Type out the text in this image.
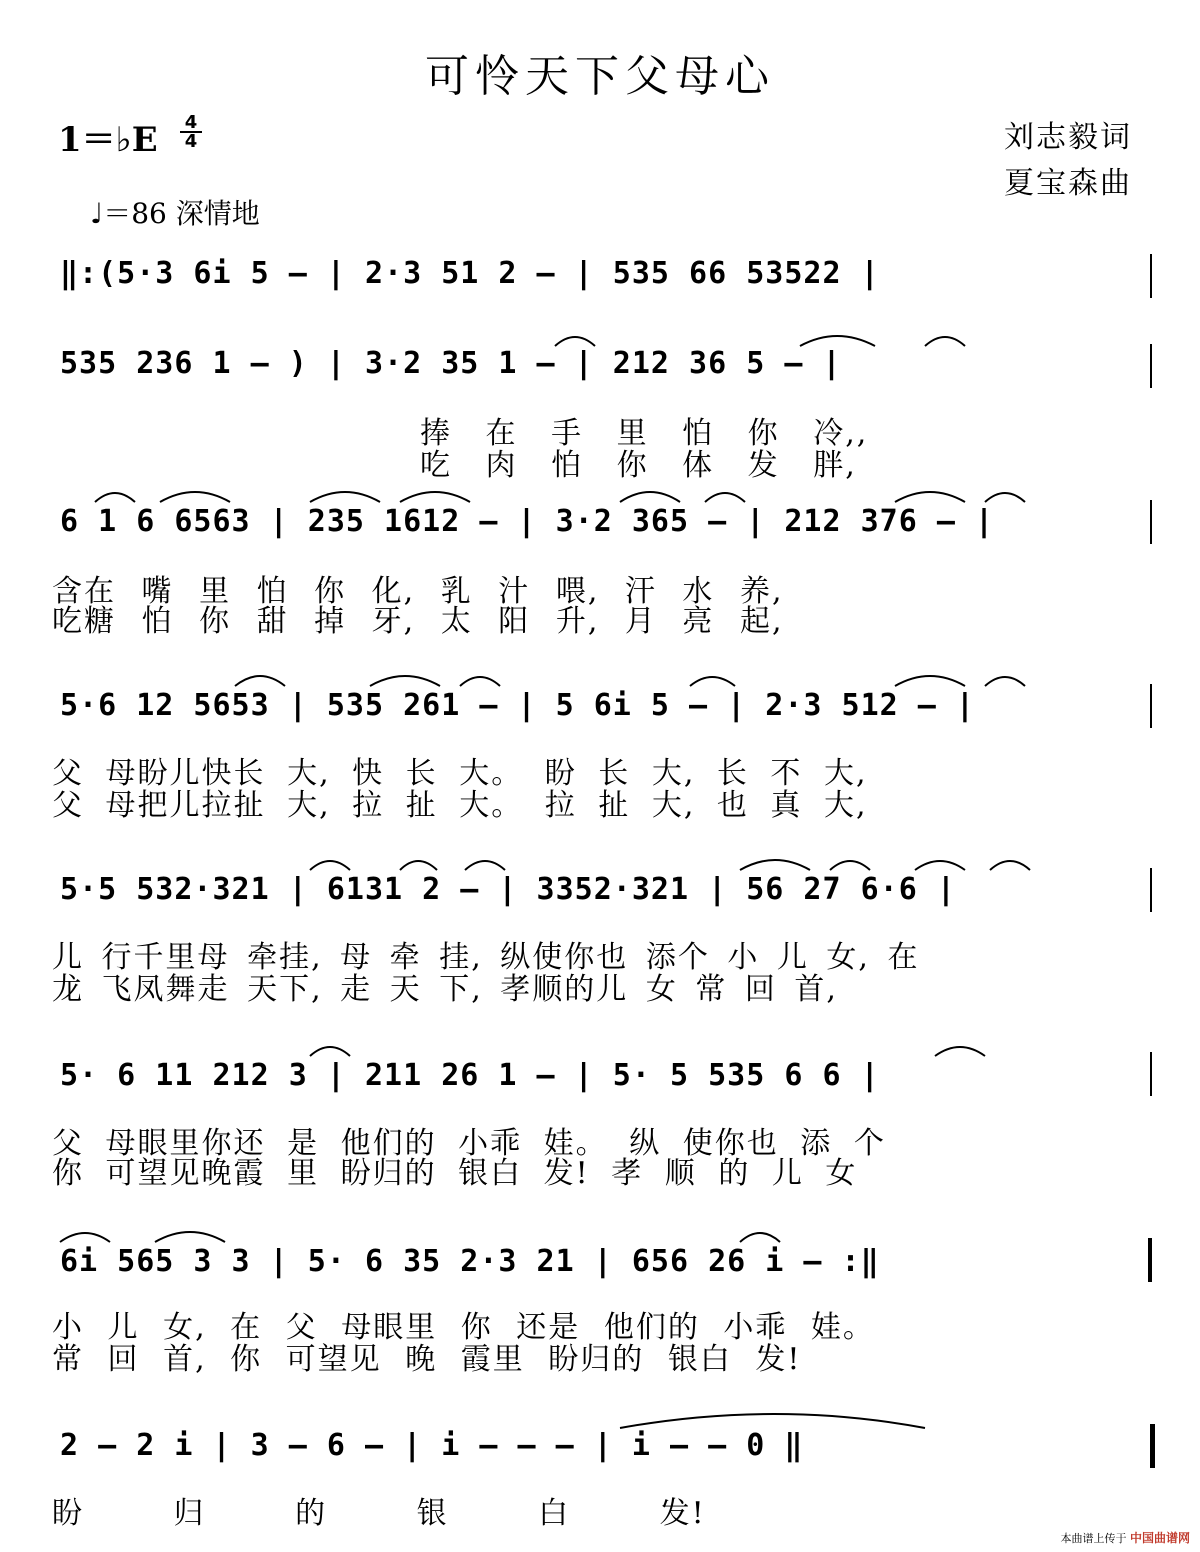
可怜天下父母心
1＝♭E	4
4	刘志毅词
夏宝森曲
♩＝86 深情地
‖:(5·3 6i 5 – | 2·3 51 2 – | 535 66 53522 |
535 236 1 – ) | 3·2 35 1 – | 212 36 5 – |
捧 在 手 里 怕 你 冷,,
吃 肉 怕 你 体 发 胖,
6 1 6 6563 | 235 1612 – | 3·2 365 – | 212 376 – |
含在 嘴 里 怕 你 化, 乳 汁 喂, 汗 水 养,
吃糖 怕 你 甜 掉 牙, 太 阳 升, 月 亮 起,
5·6 12 5653 | 535 261 – | 5 6i 5 – | 2·3 512 – |
父 母盼儿快长 大, 快 长 大。 盼 长 大, 长 不 大,
父 母把儿拉扯 大, 拉 扯 大。 拉 扯 大, 也 真 大,
5·5 532·321 | 6131 2 – | 3352·321 | 56 27 6·6 |
儿 行千里母 牵挂, 母 牵 挂, 纵使你也 添个 小 儿 女, 在
龙 飞凤舞走 天下, 走 天 下, 孝顺的儿 女 常 回 首,
5· 6 11 212 3 | 211 26 1 – | 5· 5 535 6 6 |
父 母眼里你还 是 他们的 小乖 娃。 纵 使你也 添 个
你 可望见晚霞 里 盼归的 银白 发! 孝 顺 的 儿 女
6i 565 3 3 | 5· 6 35 2·3 21 | 656 26 i – :‖
小 儿 女, 在 父 母眼里 你 还是 他们的 小乖 娃。
常 回 首, 你 可望见 晚 霞里 盼归的 银白 发!
2 – 2 i | 3 – 6 – | i – – – | i – – 0 ‖
盼 归 的 银 白 发!
本曲谱上传于 中国曲谱网
